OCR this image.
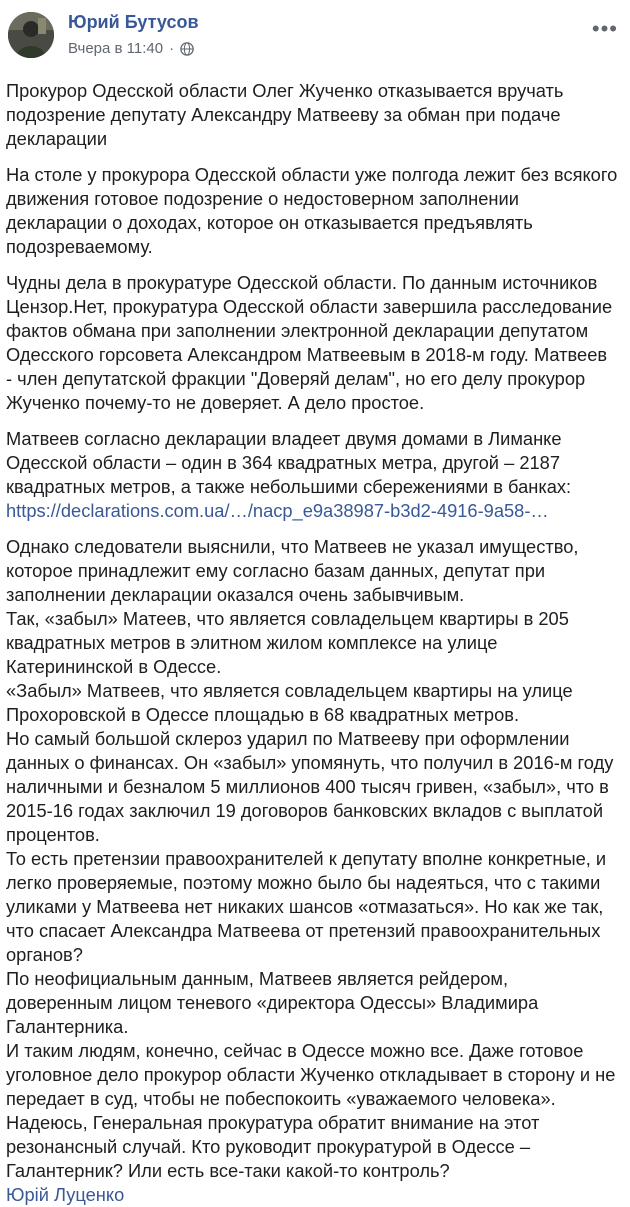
Юрий Бутусов
Вчера в 11:40 ·
•••

Прокурор Одесской области Олег Жученко отказывается вручать подозрение депутату Александру Матвееву за обман при подаче декларации

На столе у прокурора Одесской области уже полгода лежит без всякого движения готовое подозрение о недостоверном заполнении декларации о доходах, которое он отказывается предъявлять подозреваемому.

Чудны дела в прокуратуре Одесской области. По данным источников Цензор.Нет, прокуратура Одесской области завершила расследование фактов обмана при заполнении электронной декларации депутатом Одесского горсовета Александром Матвеевым в 2018-м году. Матвеев - член депутатской фракции "Доверяй делам", но его делу прокурор Жученко почему-то не доверяет. А дело простое.

Матвеев согласно декларации владеет двумя домами в Лиманке Одесской области – один в 364 квадратных метра, другой – 2187 квадратных метров, а также небольшими сбережениями в банках: https://declarations.com.ua/…/nacp_e9a38987-b3d2-4916-9a58-…

Однако следователи выяснили, что Матвеев не указал имущество, которое принадлежит ему согласно базам данных, депутат при заполнении декларации оказался очень забывчивым.

Так, «забыл» Матеев, что является совладельцем квартиры в 205 квадратных метров в элитном жилом комплексе на улице Катерининской в Одессе.

«Забыл» Матвеев, что является совладельцем квартиры на улице Прохоровской в Одессе площадью в 68 квадратных метров.

Но самый большой склероз ударил по Матвееву при оформлении данных о финансах. Он «забыл» упомянуть, что получил в 2016-м году наличными и безналом 5 миллионов 400 тысяч гривен, «забыл», что в 2015-16 годах заключил 19 договоров банковских вкладов с выплатой процентов.

То есть претензии правоохранителей к депутату вполне конкретные, и легко проверяемые, поэтому можно было бы надеяться, что с такими уликами у Матвеева нет никаких шансов «отмазаться». Но как же так, что спасает Александра Матвеева от претензий правоохранительных органов?

По неофициальным данным, Матвеев является рейдером, доверенным лицом теневого «директора Одессы» Владимира Галантерника.

И таким людям, конечно, сейчас в Одессе можно все. Даже готовое уголовное дело прокурор области Жученко откладывает в сторону и не передает в суд, чтобы не побеспокоить «уважаемого человека».

Надеюсь, Генеральная прокуратура обратит внимание на этот резонансный случай. Кто руководит прокуратурой в Одессе – Галантерник? Или есть все-таки какой-то контроль?

Юрій Луценко
